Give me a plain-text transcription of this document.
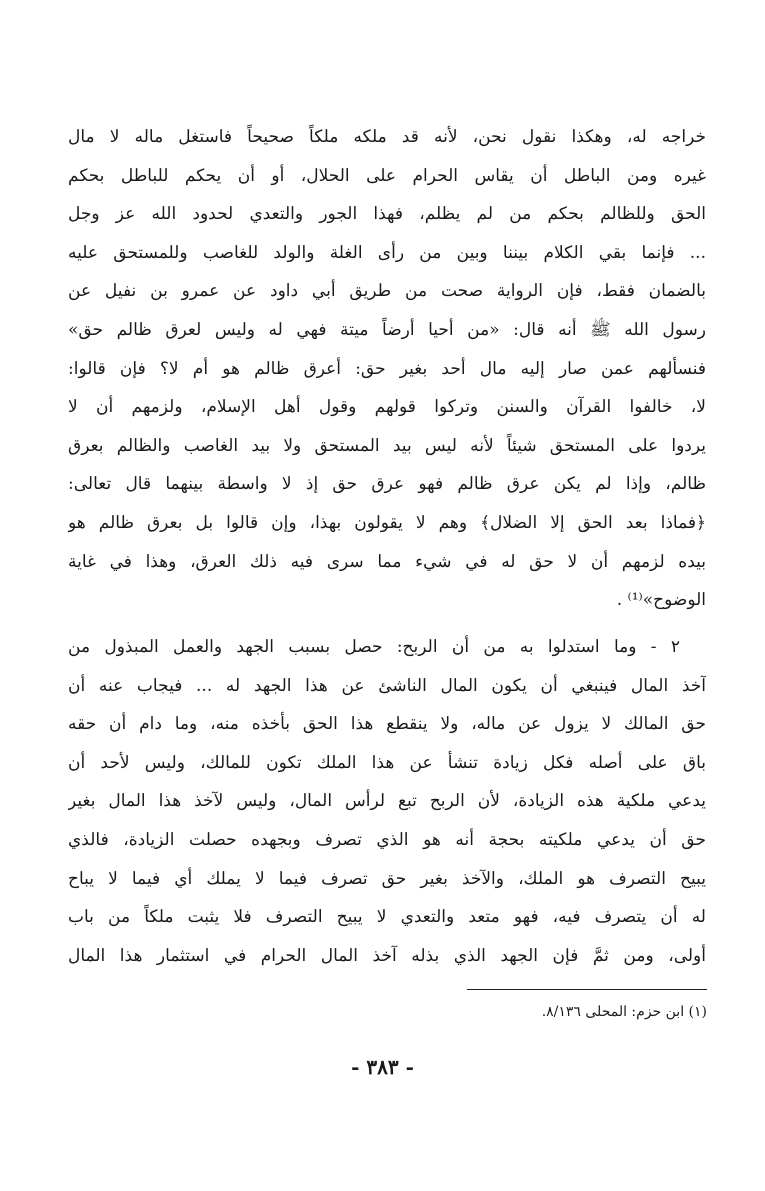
خراجه له، وهكذا نقول نحن، لأنه قد ملكه ملكاً صحيحاً فاستغل ماله لا مال
غيره ومن الباطل أن يقاس الحرام على الحلال، أو أن يحكم للباطل بحكم
الحق وللظالم بحكم من لم يظلم، فهذا الجور والتعدي لحدود الله عز وجل
... فإنما بقي الكلام بيننا وبين من رأى الغلة والولد للغاصب وللمستحق عليه
بالضمان فقط، فإن الرواية صحت من طريق أبي داود عن عمرو بن نفيل عن
رسول الله ﷺ أنه قال: «من أحيا أرضاً ميتة فهي له وليس لعرق ظالم حق»
فنسألهم عمن صار إليه مال أحد بغير حق: أعرق ظالم هو أم لا؟ فإن قالوا:
لا، خالفوا القرآن والسنن وتركوا قولهم وقول أهل الإسلام، ولزمهم أن لا
يردوا على المستحق شيئاً لأنه ليس بيد المستحق ولا بيد الغاصب والظالم بعرق
ظالم، وإذا لم يكن عرق ظالم فهو عرق حق إذ لا واسطة بينهما قال تعالى:
﴿فماذا بعد الحق إلا الضلال﴾ وهم لا يقولون بهذا، وإن قالوا بل بعرق ظالم هو
بيده لزمهم أن لا حق له في شيء مما سرى فيه ذلك العرق، وهذا في غاية
الوضوح»⁽¹⁾ .
٢ - وما استدلوا به من أن الربح: حصل بسبب الجهد والعمل المبذول من
آخذ المال فينبغي أن يكون المال الناشئ عن هذا الجهد له ... فيجاب عنه أن
حق المالك لا يزول عن ماله، ولا ينقطع هذا الحق بأخذه منه، وما دام أن حقه
باق على أصله فكل زيادة تنشأ عن هذا الملك تكون للمالك، وليس لأحد أن
يدعي ملكية هذه الزيادة، لأن الربح تبع لرأس المال، وليس لآخذ هذا المال بغير
حق أن يدعي ملكيته بحجة أنه هو الذي تصرف وبجهده حصلت الزيادة، فالذي
يبيح التصرف هو الملك، والآخذ بغير حق تصرف فيما لا يملك أي فيما لا يباح
له أن يتصرف فيه، فهو متعد والتعدي لا يبيح التصرف فلا يثبت ملكاً من باب
أولى، ومن ثمَّ فإن الجهد الذي بذله آخذ المال الحرام في استثمار هذا المال
(١) ابن حزم: المحلى ٨/١٣٦.
- ٣٨٣ -
